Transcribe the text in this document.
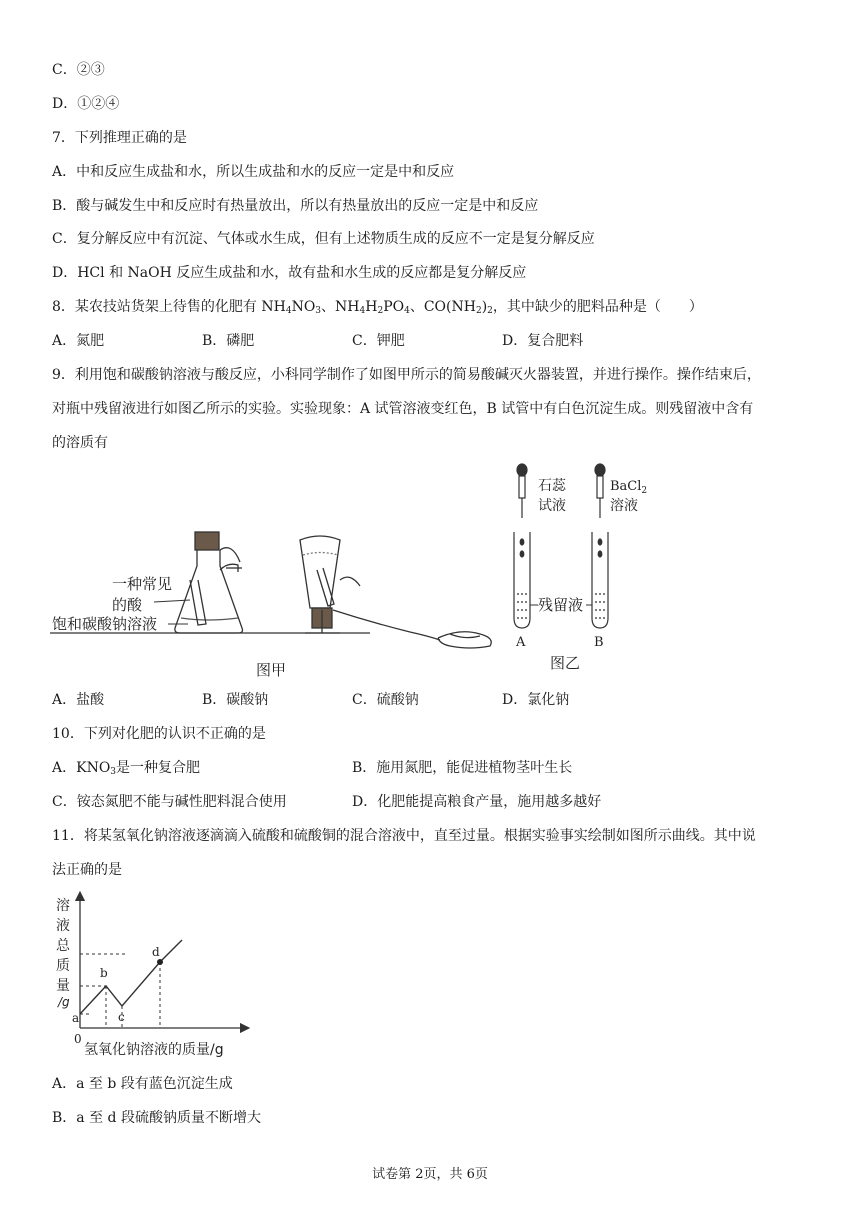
C．②③
D．①②④
7．下列推理正确的是
A．中和反应生成盐和水，所以生成盐和水的反应一定是中和反应
B．酸与碱发生中和反应时有热量放出，所以有热量放出的反应一定是中和反应
C．复分解反应中有沉淀、气体或水生成，但有上述物质生成的反应不一定是复分解反应
D．HCl 和 NaOH 反应生成盐和水，故有盐和水生成的反应都是复分解反应
8．某农技站货架上待售的化肥有 $NH_4NO_3$、$NH_4H_2PO_4$、$CO(NH_2)_2$，其中缺少的肥料品种是（　　）
A．氮肥	B．磷肥	C．钾肥	D．复合肥料
9．利用饱和碳酸钠溶液与酸反应，小科同学制作了如图甲所示的简易酸碱灭火器装置，并进行操作。操作结束后，
对瓶中残留液进行如图乙所示的实验。实验现象：A 试管溶液变红色，B 试管中有白色沉淀生成。则残留液中含有
的溶质有
一种常见
的酸
饱和碳酸钠溶液
图甲
石蕊
试液
A
BaCl$_2$
溶液
B
残留液
图乙
A．盐酸	B．碳酸钠	C．硫酸钠	D．氯化钠
10．下列对化肥的认识不正确的是
A．$KNO_3$是一种复合肥	B．施用氮肥，能促进植物茎叶生长
C．铵态氮肥不能与碱性肥料混合使用	D．化肥能提高粮食产量，施用越多越好
11．将某氢氧化钠溶液逐滴滴入硫酸和硫酸铜的混合溶液中，直至过量。根据实验事实绘制如图所示曲线。其中说
法正确的是
溶
液
总
质
量
/g
a
b
c
d
0
氢氧化钠溶液的质量/g
A．a 至 b 段有蓝色沉淀生成
B．a 至 d 段硫酸钠质量不断增大
试卷第 2页，共 6页
